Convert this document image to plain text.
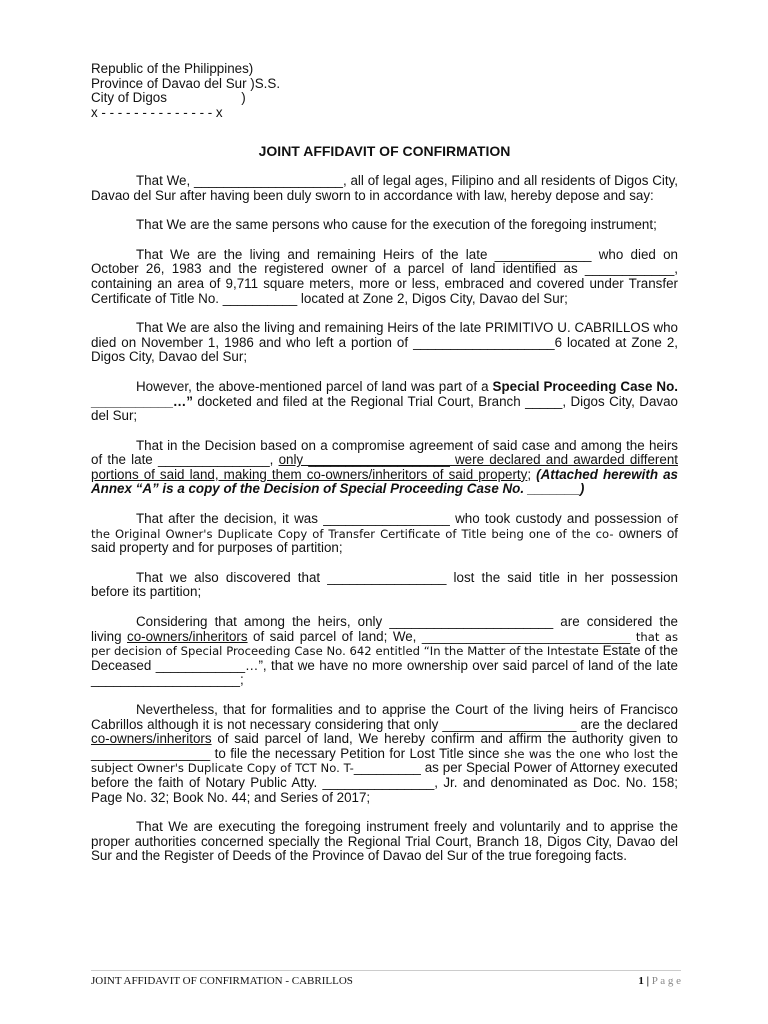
Republic of the Philippines)
Province of Davao del Sur )S.S.
City of Digos                    )
x - - - - - - - - - - - - - - x
JOINT AFFIDAVIT OF CONFIRMATION

That We, ____________________, all of legal ages, Filipino and all residents of Digos City, Davao del Sur after having been duly sworn to in accordance with law, hereby depose and say:

That We are the same persons who cause for the execution of the foregoing instrument;

That We are the living and remaining Heirs of the late _____________ who died on October 26, 1983 and the registered owner of a parcel of land identified as ____________, containing an area of 9,711 square meters, more or less, embraced and covered under Transfer Certificate of Title No. __________ located at Zone 2, Digos City, Davao del Sur;

That We are also the living and remaining Heirs of the late PRIMITIVO U. CABRILLOS who died on November 1, 1986 and who left a portion of ___________________6 located at Zone 2, Digos City, Davao del Sur;

However, the above-mentioned parcel of land was part of a Special Proceeding Case No. ___________…” docketed and filed at the Regional Trial Court, Branch _____, Digos City, Davao del Sur;

That in the Decision based on a compromise agreement of said case and among the heirs of the late _______________, only ___________________ were declared and awarded different portions of said land, making them co-owners/inheritors of said property; (Attached herewith as Annex “A” is a copy of the Decision of Special Proceeding Case No. _______)

That after the decision, it was _________________ who took custody and possession of the Original Owner's Duplicate Copy of Transfer Certificate of Title being one of the co- owners of said property and for purposes of partition;

That we also discovered that ________________ lost the said title in her possession before its partition;

Considering that among the heirs, only ______________________ are considered the living co-owners/inheritors of said parcel of land; We, ____________________________ that as per decision of Special Proceeding Case No. 642 entitled “In the Matter of the Intestate Estate of the Deceased ____________…”, that we have no more ownership over said parcel of land of the late ____________________;

Nevertheless, that for formalities and to apprise the Court of the living heirs of Francisco Cabrillos although it is not necessary considering that only __________________ are the declared co-owners/inheritors of said parcel of land, We hereby confirm and affirm the authority given to ________________ to file the necessary Petition for Lost Title since she was the one who lost the subject Owner's Duplicate Copy of TCT No. T-_________ as per Special Power of Attorney executed before the faith of Notary Public Atty. _______________, Jr. and denominated as Doc. No. 158; Page No. 32; Book No. 44; and Series of 2017;

That We are executing the foregoing instrument freely and voluntarily and to apprise the proper authorities concerned specially the Regional Trial Court, Branch 18, Digos City, Davao del Sur and the Register of Deeds of the Province of Davao del Sur of the true foregoing facts.

JOINT AFFIDAVIT OF CONFIRMATION - CABRILLOS	1 | P a g e
